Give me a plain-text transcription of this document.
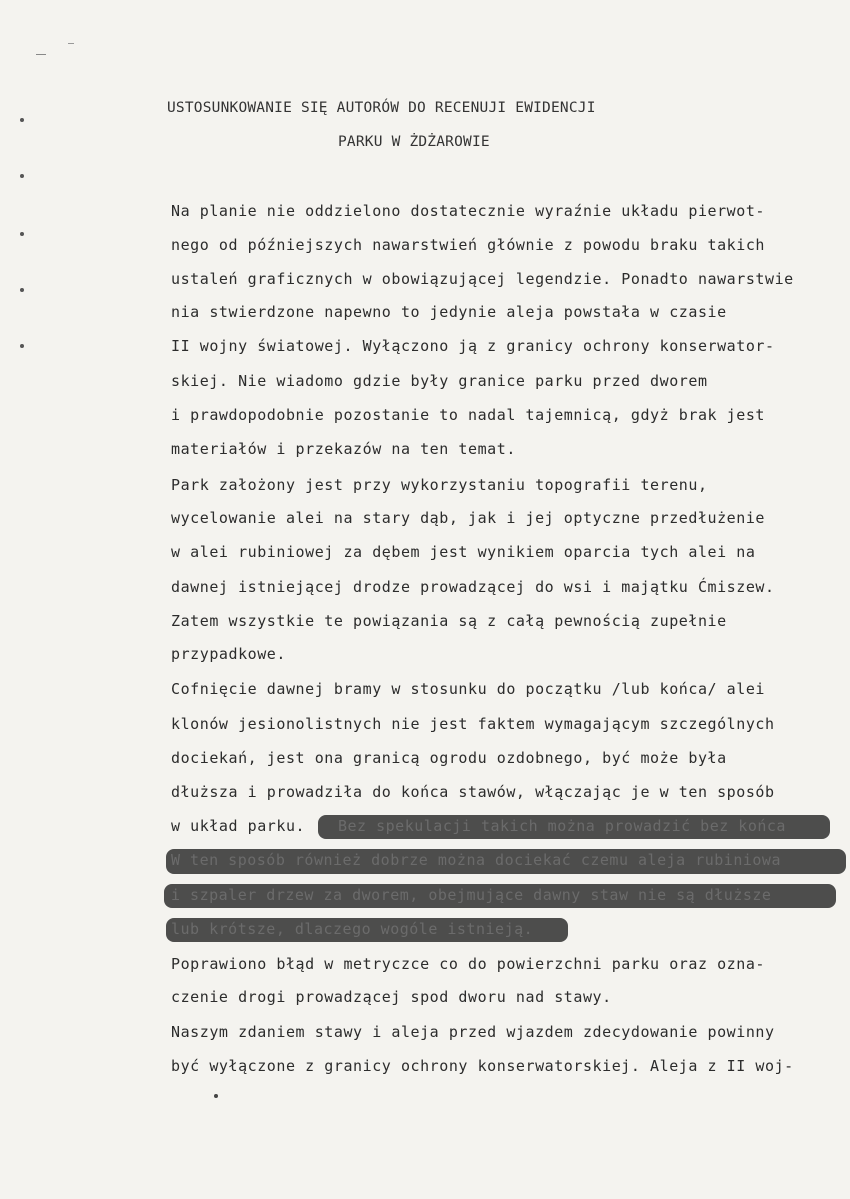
USTOSUNKOWANIE SIĘ AUTORÓW DO RECENUJI EWIDENCJI
PARKU W ŻDŻAROWIE
Na planie nie oddzielono dostatecznie wyraźnie układu pierwot-
nego od późniejszych nawarstwień głównie z powodu braku takich
ustaleń graficznych w obowiązującej legendzie. Ponadto nawarstwie
nia stwierdzone napewno to jedynie aleja powstała w czasie
II wojny światowej. Wyłączono ją z granicy ochrony konserwator-
skiej. Nie wiadomo gdzie były granice parku przed dworem
i prawdopodobnie pozostanie to nadal tajemnicą, gdyż brak jest
materiałów i przekazów na ten temat.
Park założony jest przy wykorzystaniu topografii terenu,
wycelowanie alei na stary dąb, jak i jej optyczne przedłużenie
w alei rubiniowej za dębem jest wynikiem oparcia tych alei na
dawnej istniejącej drodze prowadzącej do wsi i majątku Ćmiszew.
Zatem wszystkie te powiązania są z całą pewnością zupełnie
przypadkowe.
Cofnięcie dawnej bramy w stosunku do początku /lub końca/ alei
klonów jesionolistnych nie jest faktem wymagającym szczególnych
dociekań, jest ona granicą ogrodu ozdobnego, być może była
dłuższa i prowadziła do końca stawów, włączając je w ten sposób
w układ parku. Bez spekulacji takich można prowadzić bez końca
W ten sposób również dobrze można dociekać czemu aleja rubiniowa
i szpaler drzew za dworem, obejmujące dawny staw nie są dłuższe
lub krótsze, dlaczego wogóle istnieją.
Poprawiono błąd w metryczce co do powierzchni parku oraz ozna-
czenie drogi prowadzącej spod dworu nad stawy.
Naszym zdaniem stawy i aleja przed wjazdem zdecydowanie powinny
być wyłączone z granicy ochrony konserwatorskiej. Aleja z II woj-
